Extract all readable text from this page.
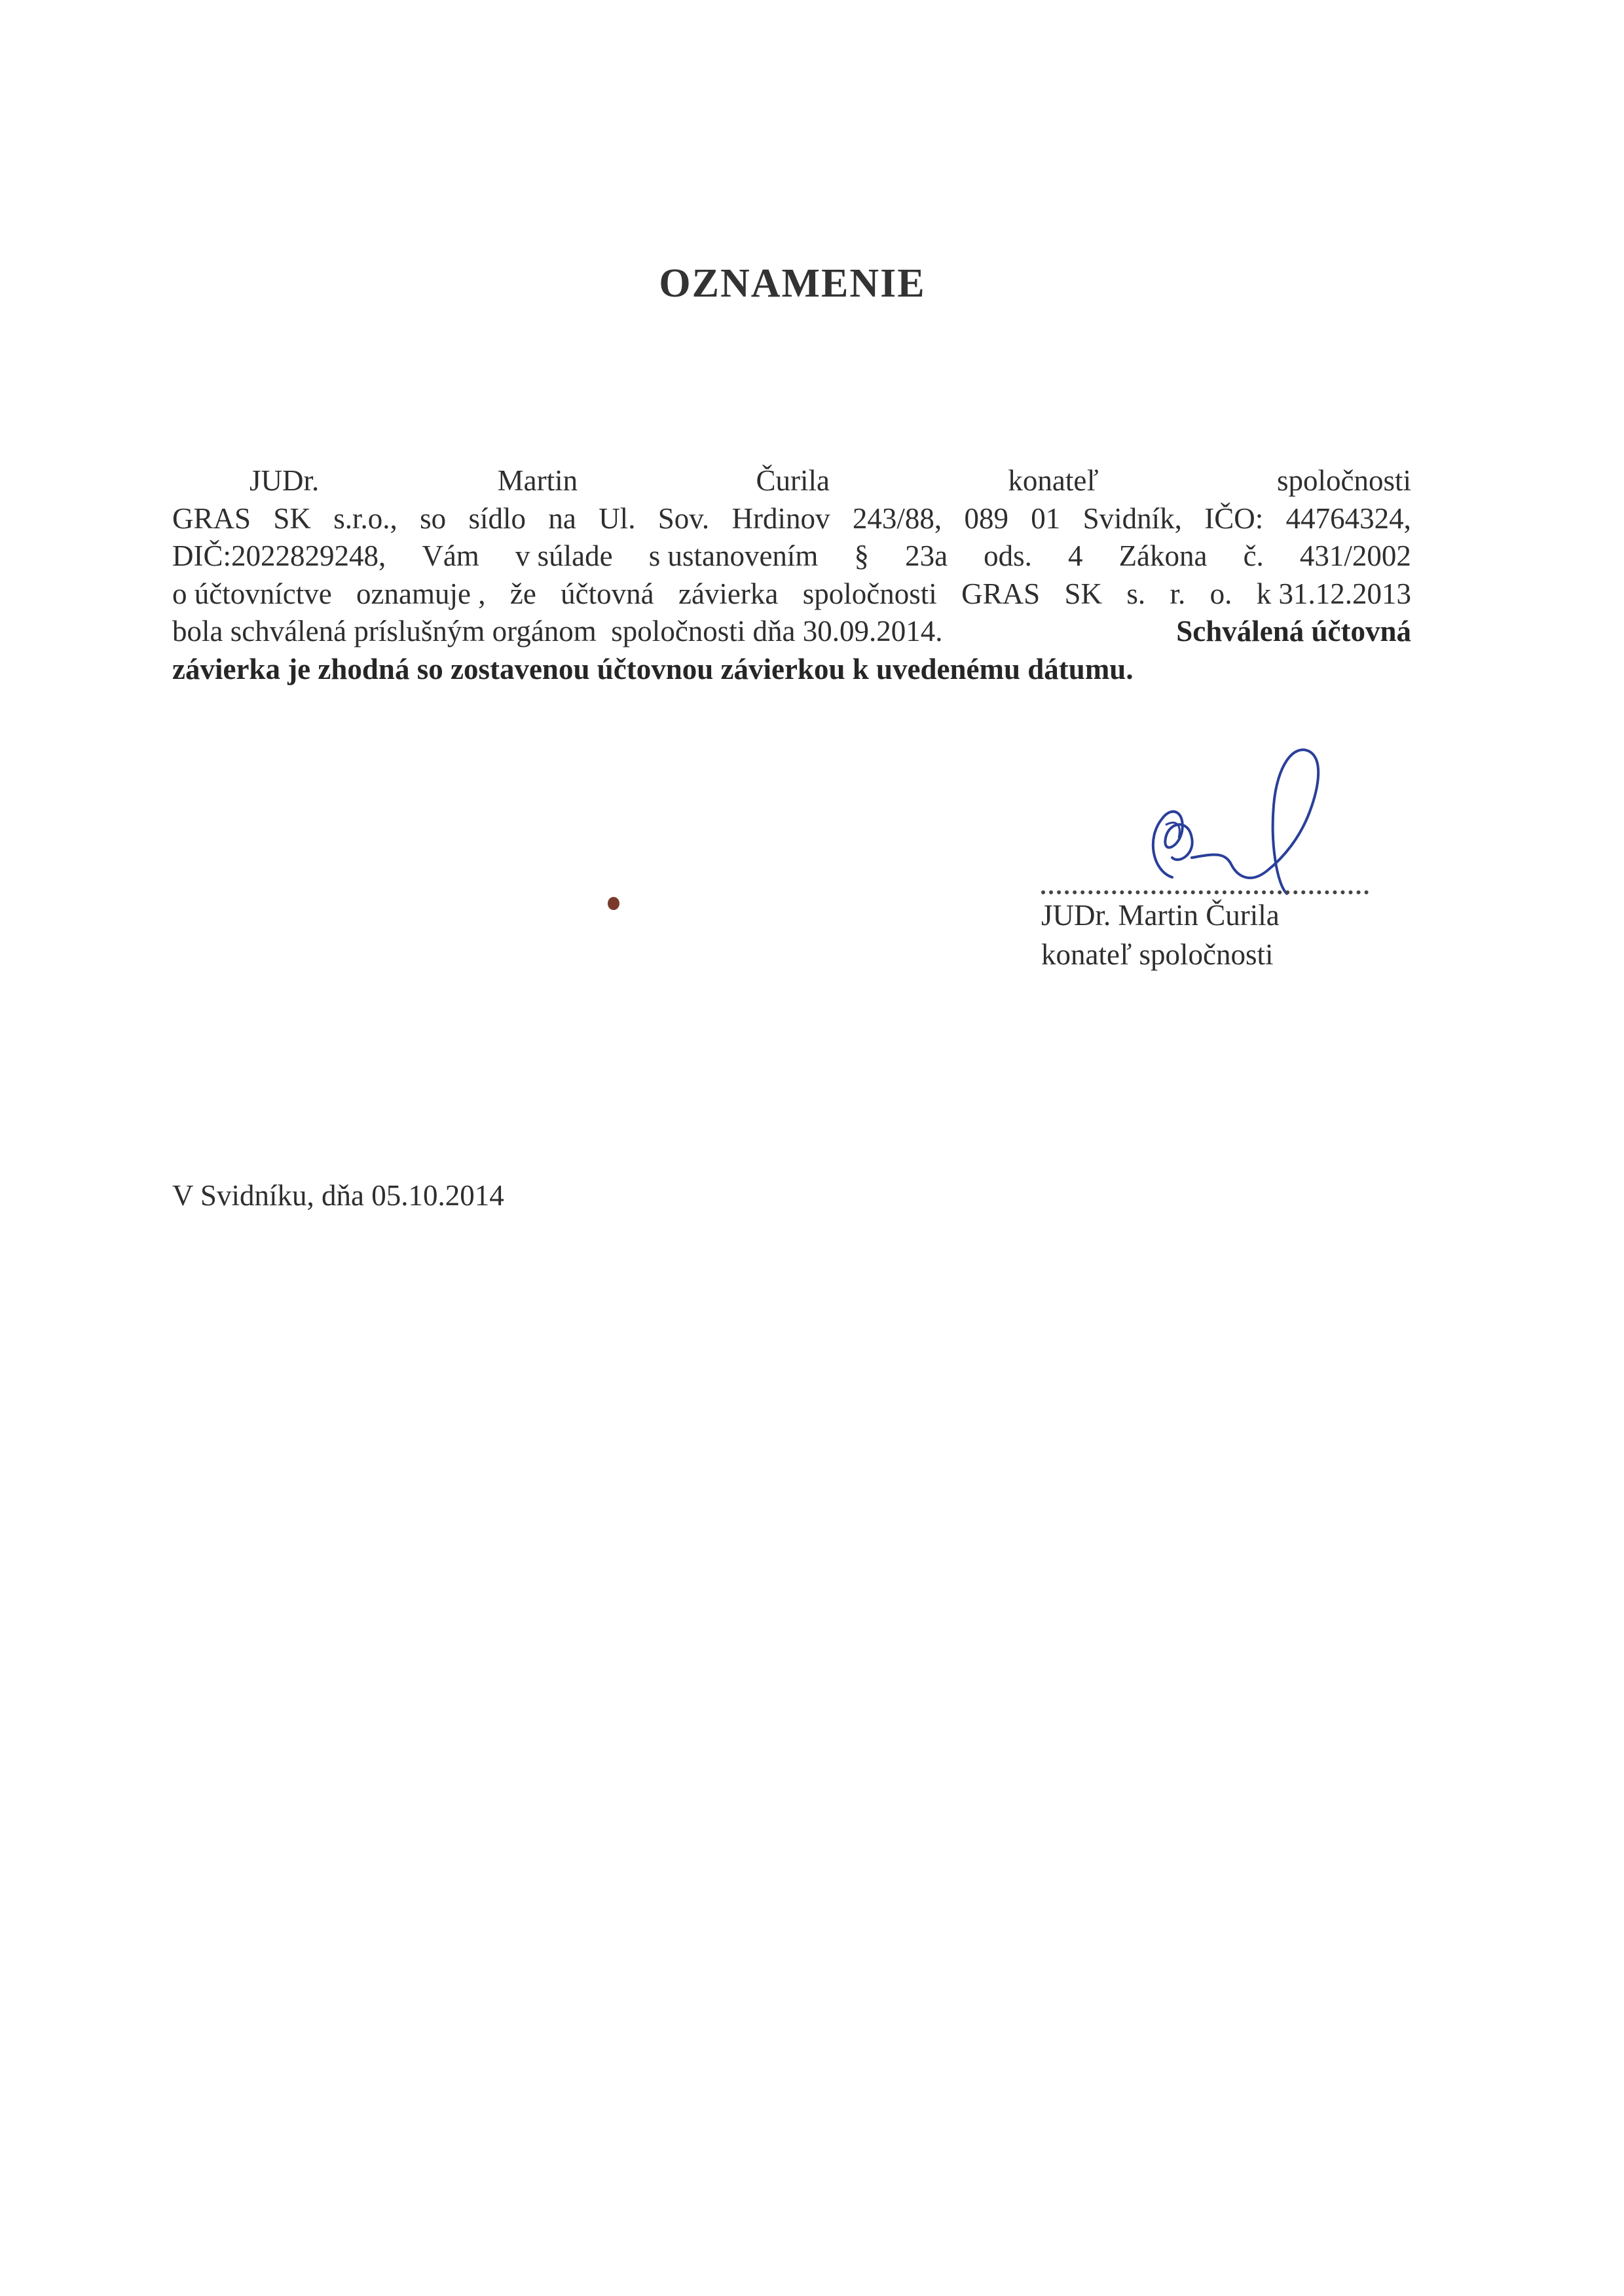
OZNAMENIE
JUDr.	Martin	Čurila	konateľ	spoločnosti
GRAS SK s.r.o., so sídlo na Ul. Sov. Hrdinov 243/88, 089 01 Svidník, IČO: 44764324,
DIČ:2022829248, Vám v súlade s ustanovením § 23a ods. 4 Zákona č. 431/2002
o účtovníctve oznamuje , že účtovná závierka spoločnosti GRAS SK s. r. o. k 31.12.2013
bola schválená príslušným orgánom  spoločnosti dňa 30.09.2014.	Schválená účtovná
závierka je zhodná so zostavenou účtovnou závierkou k uvedenému dátumu.
JUDr. Martin Čurila
konateľ spoločnosti
V Svidníku, dňa 05.10.2014
